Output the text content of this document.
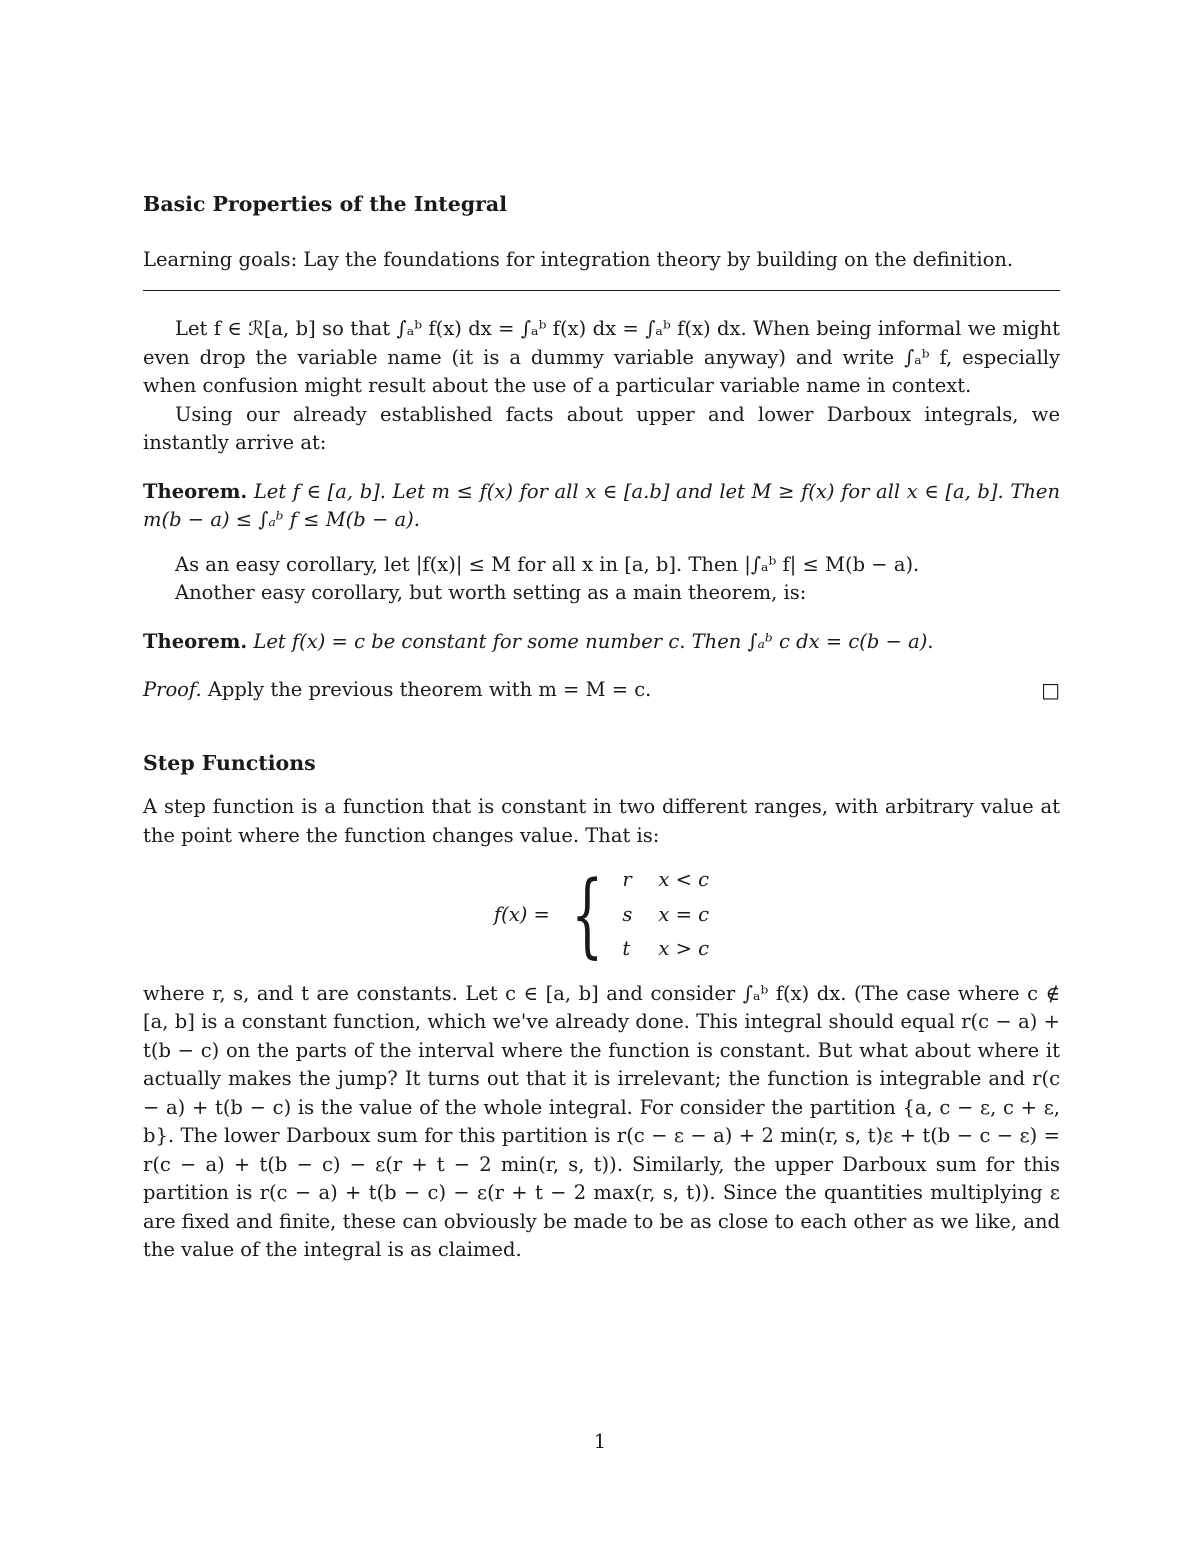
Basic Properties of the Integral

Learning goals: Lay the foundations for integration theory by building on the definition.

Let f ∈ ℛ[a, b] so that ∫ₐᵇ f(x) dx = ∫ₐᵇ f(x) dx = ∫ₐᵇ f(x) dx. When being informal we might even drop the variable name (it is a dummy variable anyway) and write ∫ₐᵇ f, especially when confusion might result about the use of a particular variable name in context.

Using our already established facts about upper and lower Darboux integrals, we instantly arrive at:

Theorem. Let f ∈ [a, b]. Let m ≤ f(x) for all x ∈ [a.b] and let M ≥ f(x) for all x ∈ [a, b]. Then m(b − a) ≤ ∫ₐᵇ f ≤ M(b − a).

As an easy corollary, let |f(x)| ≤ M for all x in [a, b]. Then |∫ₐᵇ f| ≤ M(b − a).

Another easy corollary, but worth setting as a main theorem, is:

Theorem. Let f(x) = c be constant for some number c. Then ∫ₐᵇ c dx = c(b − a).

Proof. Apply the previous theorem with m = M = c.	□
Step Functions

A step function is a function that is constant in two different ranges, with arbitrary value at the point where the function changes value. That is:

f(x) = { r	x < c
s	x = c
t	x > c

where r, s, and t are constants. Let c ∈ [a, b] and consider ∫ₐᵇ f(x) dx. (The case where c ∉ [a, b] is a constant function, which we've already done. This integral should equal r(c − a) + t(b − c) on the parts of the interval where the function is constant. But what about where it actually makes the jump? It turns out that it is irrelevant; the function is integrable and r(c − a) + t(b − c) is the value of the whole integral. For consider the partition {a, c − ε, c + ε, b}. The lower Darboux sum for this partition is r(c − ε − a) + 2 min(r, s, t)ε + t(b − c − ε) = r(c − a) + t(b − c) − ε(r + t − 2 min(r, s, t)). Similarly, the upper Darboux sum for this partition is r(c − a) + t(b − c) − ε(r + t − 2 max(r, s, t)). Since the quantities multiplying ε are fixed and finite, these can obviously be made to be as close to each other as we like, and the value of the integral is as claimed.

1
